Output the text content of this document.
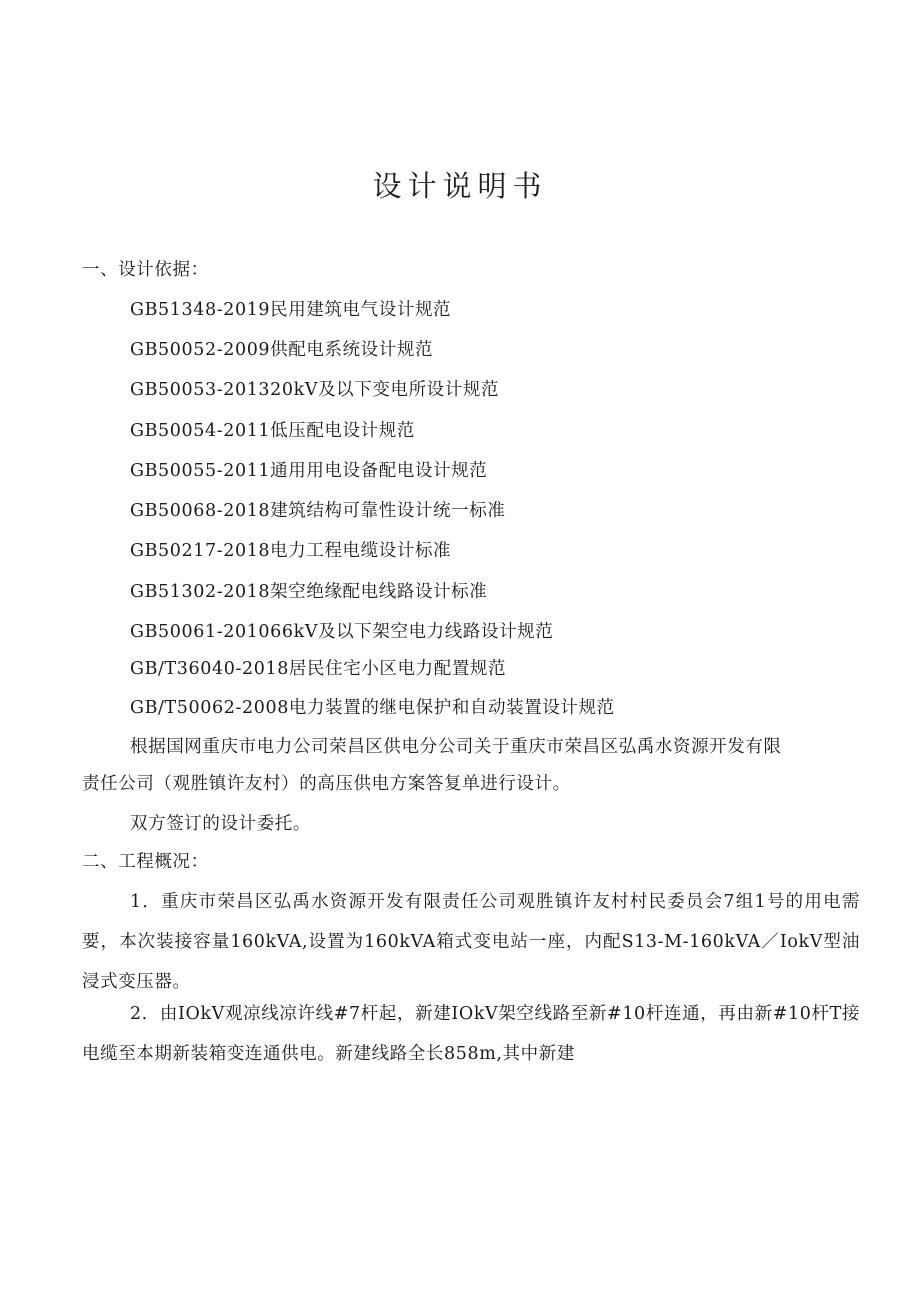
设计说明书
一、设计依据：
GB51348-2019民用建筑电气设计规范
GB50052-2009供配电系统设计规范
GB50053-201320kV及以下变电所设计规范
GB50054-2011低压配电设计规范
GB50055-2011通用用电设备配电设计规范
GB50068-2018建筑结构可靠性设计统一标准
GB50217-2018电力工程电缆设计标准
GB51302-2018架空绝缘配电线路设计标准
GB50061-201066kV及以下架空电力线路设计规范
GB/T36040-2018居民住宅小区电力配置规范
GB/T50062-2008电力装置的继电保护和自动装置设计规范
根据国网重庆市电力公司荣昌区供电分公司关于重庆市荣昌区弘禹水资源开发有限
责任公司（观胜镇许友村）的高压供电方案答复单进行设计。
双方签订的设计委托。
二、工程概况：
1．重庆市荣昌区弘禹水资源开发有限责任公司观胜镇许友村村民委员会7组1号的用电需要，本次装接容量160kVA,设置为160kVA箱式变电站一座，内配S13-M-160kVA／IokV型油浸式变压器。
2．由IOkV观凉线凉许线#7杆起，新建IOkV架空线路至新#10杆连通，再由新#10杆T接电缆至本期新装箱变连通供电。新建线路全长858m,其中新建
